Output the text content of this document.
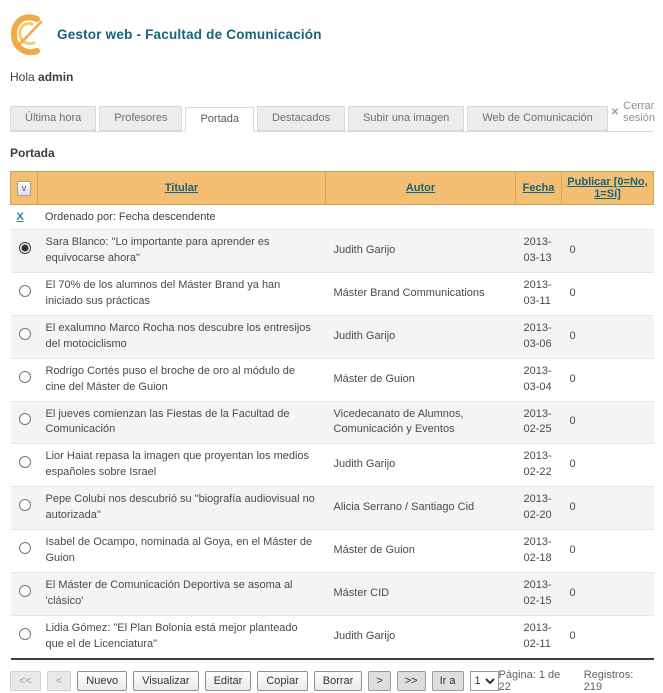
Gestor web - Facultad de Comunicación
Hola admin
Última hora	Profesores	Portada	Destacados	Subir una imagen	Web de Comunicación	✕ Cerrar sesión
Portada
v	Titular	Autor	Fecha	Publicar [0=No, 1=Sí]
X Ordenado por: Fecha descendente				
	Sara Blanco: "Lo importante para aprender es equivocarse ahora"	Judith Garijo	2013-03-13	0
	El 70% de los alumnos del Máster Brand ya han iniciado sus prácticas	Máster Brand Communications	2013-03-11	0
	El exalumno Marco Rocha nos descubre los entresijos del motociclismo	Judith Garijo	2013-03-06	0
	Rodrigo Cortés puso el broche de oro al módulo de cine del Máster de Guion	Máster de Guion	2013-03-04	0
	El jueves comienzan las Fiestas de la Facultad de Comunicación	Vicedecanato de Alumnos, Comunicación y Eventos	2013-02-25	0
	Lior Haiat repasa la imagen que proyentan los medios españoles sobre Israel	Judith Garijo	2013-02-22	0
	Pepe Colubi nos descubrió su "biografía audiovisual no autorizada"	Alicia Serrano / Santiago Cid	2013-02-20	0
	Isabel de Ocampo, nominada al Goya, en el Máster de Guion	Máster de Guion	2013-02-18	0
	El Máster de Comunicación Deportiva se asoma al 'clásico'	Máster CID	2013-02-15	0
	Lidia Gómez: "El Plan Bolonia está mejor planteado que el de Licenciatura"	Judith Garijo	2013-02-11	0
<<	<	Nuevo	Visualizar	Editar	Copiar	Borrar	>	>>	Ir a
1	Página: 1 de 22
Registros: 219
